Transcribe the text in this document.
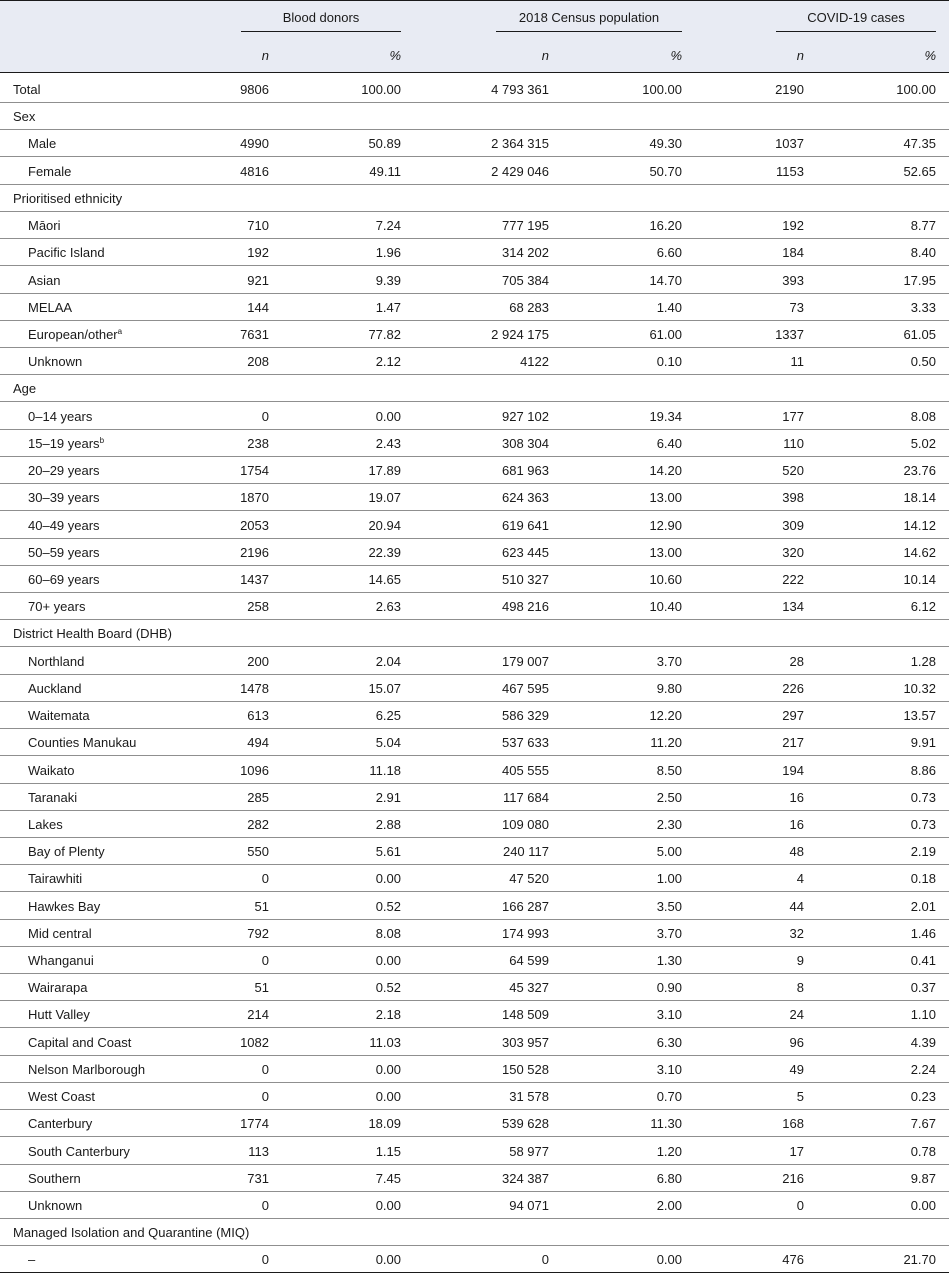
Blood donors	2018 Census population	COVID-19 cases
n	%	n	%	n	%
Total	9806	100.00	4 793 361	100.00	2190	100.00
Sex
Male	4990	50.89	2 364 315	49.30	1037	47.35
Female	4816	49.11	2 429 046	50.70	1153	52.65
Prioritised ethnicity
Māori	710	7.24	777 195	16.20	192	8.77
Pacific Island	192	1.96	314 202	6.60	184	8.40
Asian	921	9.39	705 384	14.70	393	17.95
MELAA	144	1.47	68 283	1.40	73	3.33
European/other$^a$	7631	77.82	2 924 175	61.00	1337	61.05
Unknown	208	2.12	4122	0.10	11	0.50
Age
0–14 years	0	0.00	927 102	19.34	177	8.08
15–19 years$^b$	238	2.43	308 304	6.40	110	5.02
20–29 years	1754	17.89	681 963	14.20	520	23.76
30–39 years	1870	19.07	624 363	13.00	398	18.14
40–49 years	2053	20.94	619 641	12.90	309	14.12
50–59 years	2196	22.39	623 445	13.00	320	14.62
60–69 years	1437	14.65	510 327	10.60	222	10.14
70+ years	258	2.63	498 216	10.40	134	6.12
District Health Board (DHB)
Northland	200	2.04	179 007	3.70	28	1.28
Auckland	1478	15.07	467 595	9.80	226	10.32
Waitemata	613	6.25	586 329	12.20	297	13.57
Counties Manukau	494	5.04	537 633	11.20	217	9.91
Waikato	1096	11.18	405 555	8.50	194	8.86
Taranaki	285	2.91	117 684	2.50	16	0.73
Lakes	282	2.88	109 080	2.30	16	0.73
Bay of Plenty	550	5.61	240 117	5.00	48	2.19
Tairawhiti	0	0.00	47 520	1.00	4	0.18
Hawkes Bay	51	0.52	166 287	3.50	44	2.01
Mid central	792	8.08	174 993	3.70	32	1.46
Whanganui	0	0.00	64 599	1.30	9	0.41
Wairarapa	51	0.52	45 327	0.90	8	0.37
Hutt Valley	214	2.18	148 509	3.10	24	1.10
Capital and Coast	1082	11.03	303 957	6.30	96	4.39
Nelson Marlborough	0	0.00	150 528	3.10	49	2.24
West Coast	0	0.00	31 578	0.70	5	0.23
Canterbury	1774	18.09	539 628	11.30	168	7.67
South Canterbury	113	1.15	58 977	1.20	17	0.78
Southern	731	7.45	324 387	6.80	216	9.87
Unknown	0	0.00	94 071	2.00	0	0.00
Managed Isolation and Quarantine (MIQ)
–	0	0.00	0	0.00	476	21.70
